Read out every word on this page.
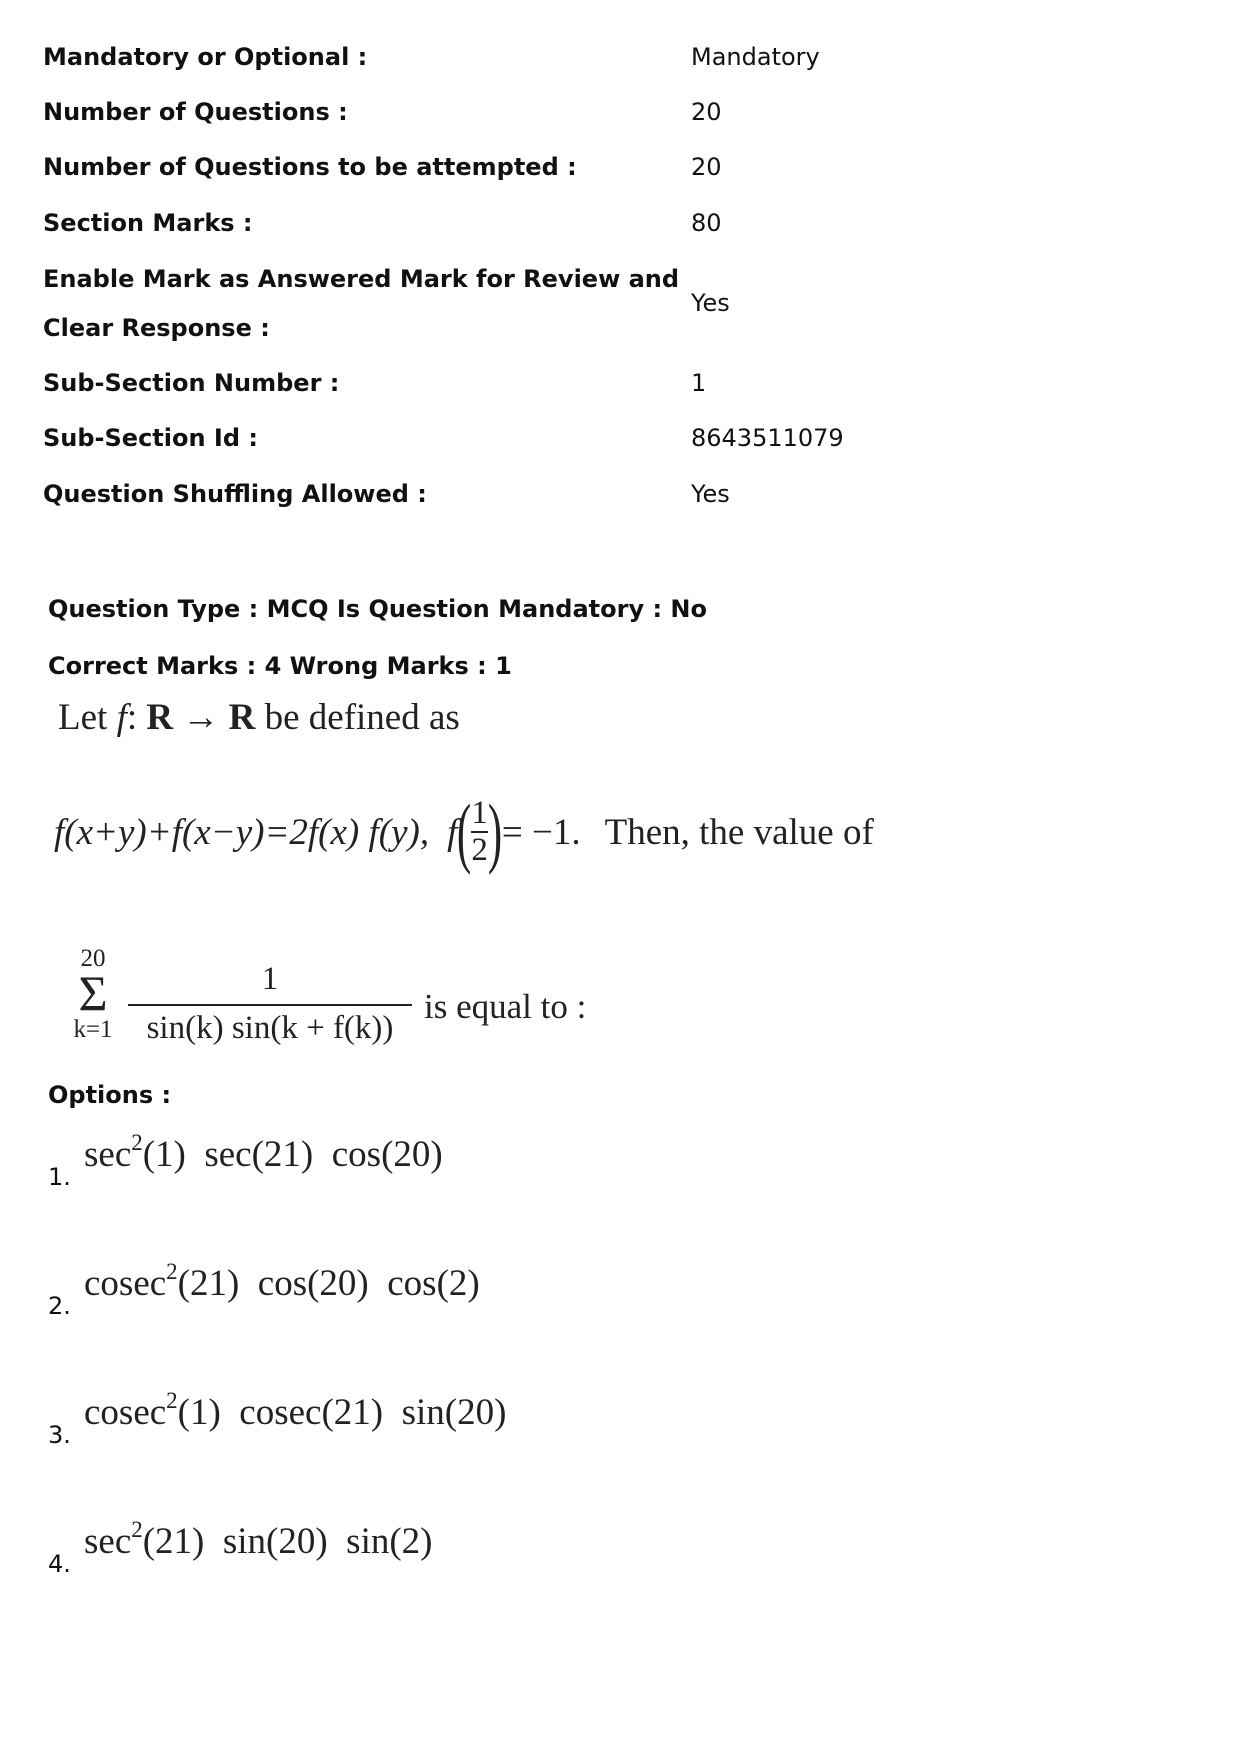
Mandatory or Optional :	Mandatory
Number of Questions :	20
Number of Questions to be attempted :	20
Section Marks :	80
Enable Mark as Answered Mark for Review and
Clear Response :
Yes
Sub-Section Number :	1
Sub-Section Id :	8643511079
Question Shuffling Allowed :	Yes
Question Type : MCQ Is Question Mandatory : No
Correct Marks : 4 Wrong Marks : 1
Let f: R → R be defined as
f(x+y)+f(x−y)=2f(x) f(y), f ( $\frac{1}{2}$ ) = −1. Then, the value of
20
Σ
$k=1 \frac{1}{\sin(k) \sin(k + f(k))}$ is equal to :
Options :
1.
$\sec^2(1)$  sec(21)  cos(20)
2.
cosec$^2$(21)  cos(20)  cos(2)
3.
cosec$^2$(1)  cosec(21)  sin(20)
4.
$\sec^2(21)$  sin(20)  sin(2)
